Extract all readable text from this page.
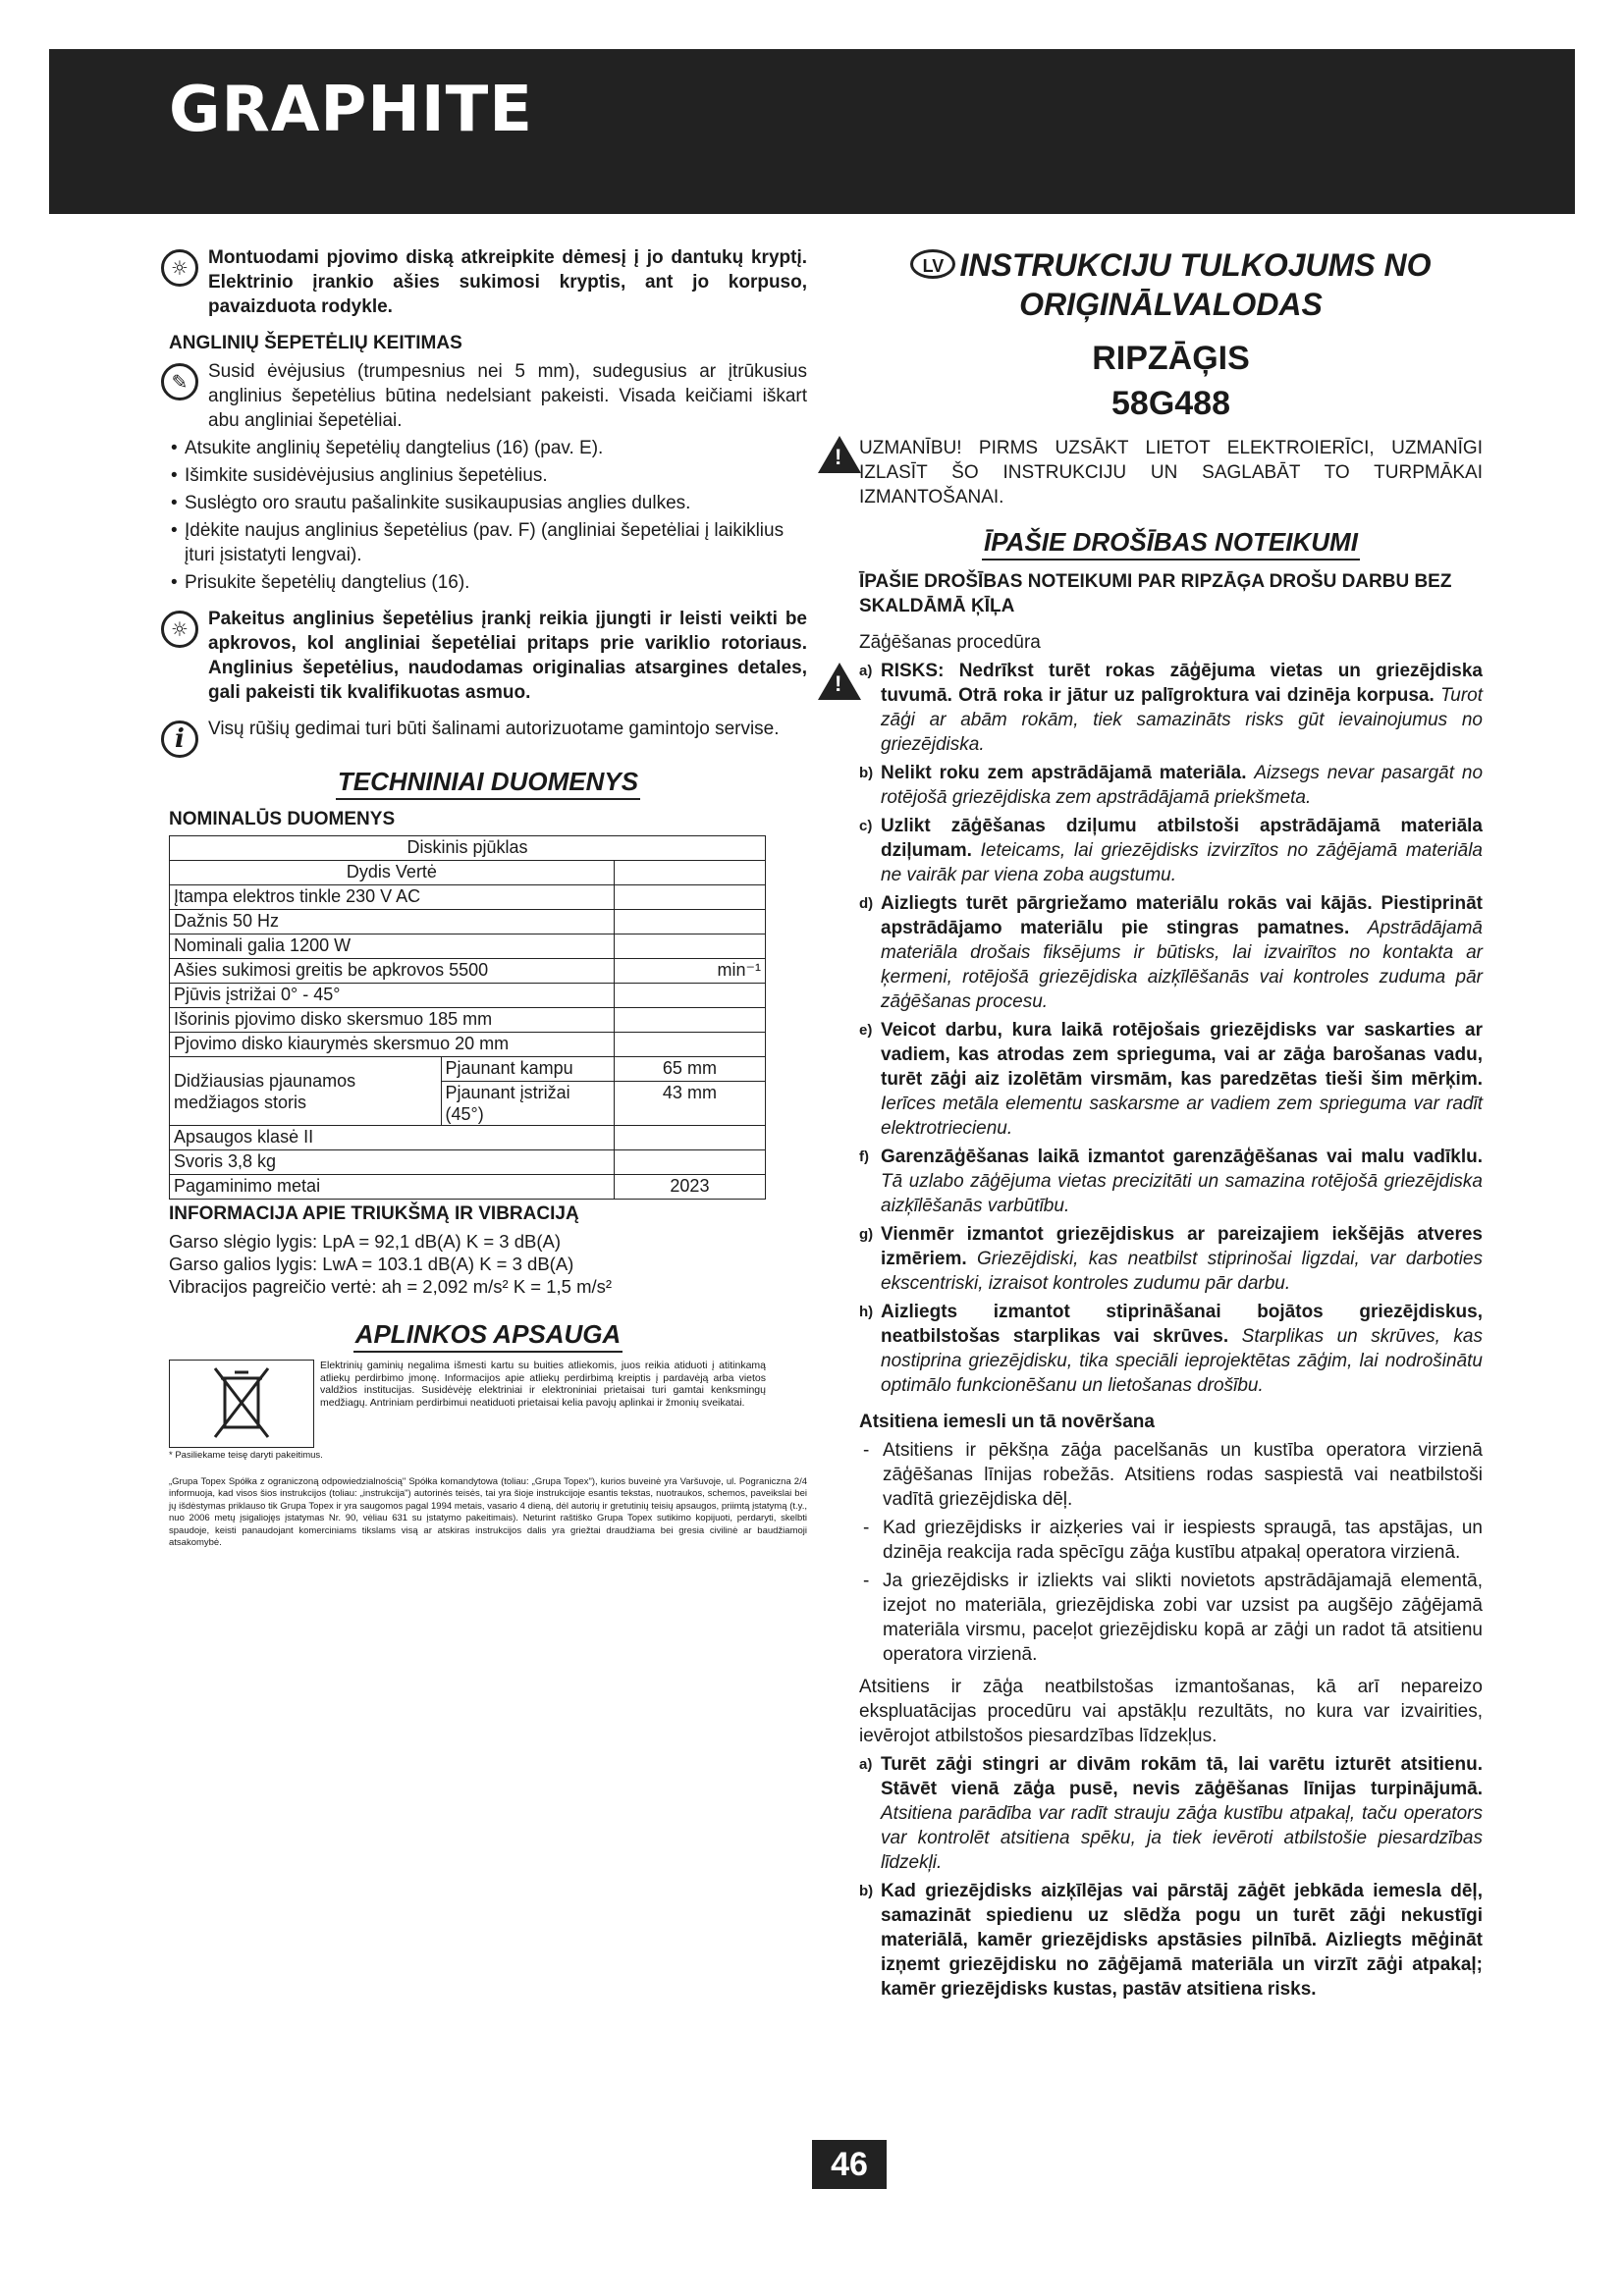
GRAPHITE
☼	Montuodami pjovimo diską atkreipkite dėmesį į jo dantukų kryptį. Elektrinio įrankio ašies sukimosi kryptis, ant jo korpuso, pavaizduota rodykle.

ANGLINIŲ ŠEPETĖLIŲ KEITIMAS
✎	Susid ėvėjusius (trumpesnius nei 5 mm), sudegusius ar įtrūkusius anglinius šepetėlius būtina nedelsiant pakeisti. Visada keičiami iškart abu angliniai šepetėliai.

• Atsukite anglinių šepetėlių dangtelius (16) (pav. E).
• Išimkite susidėvėjusius anglinius šepetėlius.
• Suslėgto oro srautu pašalinkite susikaupusias anglies dulkes.
• Įdėkite naujus anglinius šepetėlius (pav. F) (angliniai šepetėliai į laikiklius įturi įsistatyti lengvai).
• Prisukite šepetėlių dangtelius (16).
☼	Pakeitus anglinius šepetėlius įrankį reikia įjungti ir leisti veikti be apkrovos, kol angliniai šepetėliai pritaps prie variklio rotoriaus. Anglinius šepetėlius, naudodamas originalias atsargines detales, gali pakeisti tik kvalifikuotas asmuo.

i	Visų rūšių gedimai turi būti šalinami autorizuotame gamintojo servise.

TECHNINIAI DUOMENYS
NOMINALŪS DUOMENYS
Diskinis pjūklas		
Dydis Vertė		
Įtampa elektros tinkle 230 V AC		
Dažnis 50 Hz		
Nominali galia 1200 W		
Ašies sukimosi greitis be apkrovos 5500		min⁻¹
Pjūvis įstrižai 0° - 45°		
Išorinis pjovimo disko skersmuo 185 mm		
Pjovimo disko kiaurymės skersmuo 20 mm		
Didžiausias pjaunamos medžiagos storis	Pjaunant kampu	65 mm
	Pjaunant įstrižai (45°)	43 mm
Apsaugos klasė II		
Svoris 3,8 kg		
Pagaminimo metai		2023
INFORMACIJA APIE TRIUKŠMĄ IR VIBRACIJĄ
Garso slėgio lygis: LpA = 92,1 dB(A) K = 3 dB(A)
Garso galios lygis: LwA = 103.1 dB(A) K = 3 dB(A)
Vibracijos pagreičio vertė: ah = 2,092 m/s² K = 1,5 m/s²
APLINKOS APSAUGA
Elektrinių gaminių negalima išmesti kartu su buities atliekomis, juos reikia atiduoti į atitinkamą atliekų perdirbimo įmonę. Informacijos apie atliekų perdirbimą kreiptis į pardavėją arba vietos valdžios institucijas. Susidėvėję elektriniai ir elektroniniai prietaisai turi gamtai kenksmingų medžiagų. Antriniam perdirbimui neatiduoti prietaisai kelia pavojų aplinkai ir žmonių sveikatai.
* Pasiliekame teisę daryti pakeitimus.
„Grupa Topex Spółka z ograniczoną odpowiedzialnością" Spółka komandytowa (toliau: „Grupa Topex"), kurios buveinė yra Varšuvoje, ul. Pograniczna 2/4 informuoja, kad visos šios instrukcijos (toliau: „instrukcija") autorinės teisės, tai yra šioje instrukcijoje esantis tekstas, nuotraukos, schemos, paveikslai bei jų išdėstymas priklauso tik Grupa Topex ir yra saugomos pagal 1994 metais, vasario 4 dieną, dėl autorių ir gretutinių teisių apsaugos, priimtą įstatymą (t.y., nuo 2006 metų įsigaliojęs įstatymas Nr. 90, vėliau 631 su įstatymo pakeitimais). Neturint raštiško Grupa Topex sutikimo kopijuoti, perdaryti, skelbti spaudoje, keisti panaudojant komerciniams tikslams visą ar atskiras instrukcijos dalis yra griežtai draudžiama bei gresia civilinė ar baudžiamoji atsakomybė.
LV INSTRUKCIJU TULKOJUMS NO
ORIĢINĀLVALODAS
RIPZĀĢIS
58G488
!

UZMANĪBU! PIRMS UZSĀKT LIETOT ELEKTROIERĪCI, UZMANĪGI IZLASĪT ŠO INSTRUKCIJU UN SAGLABĀT TO TURPMĀKAI IZMANTOŠANAI.

ĪPAŠIE DROŠĪBAS NOTEIKUMI
ĪPAŠIE DROŠĪBAS NOTEIKUMI PAR RIPZĀĢA DROŠU DARBU BEZ SKALDĀMĀ ĶĪĻA
Zāģēšanas procedūra
!
a) RISKS: Nedrīkst turēt rokas zāģējuma vietas un griezējdiska tuvumā. Otrā roka ir jātur uz palīgrokturа vai dzinēja korpusa. Turot zāģi ar abām rokām, tiek samazināts risks gūt ievainojumus no griezējdiska.
b) Nelikt roku zem apstrādājamā materiāla. Aizsegs nevar pasargāt no rotējošā griezējdiska zem apstrādājamā priekšmeta.
c) Uzlikt zāģēšanas dziļumu atbilstoši apstrādājamā materiāla dziļumam. Ieteicams, lai griezējdisks izvirzītos no zāģējamā materiāla ne vairāk par viena zoba augstumu.
d) Aizliegts turēt pārgriežamo materiālu rokās vai kājās. Piestiprināt apstrādājamo materiālu pie stingras pamatnes. Apstrādājamā materiāla drošais fiksējums ir būtisks, lai izvairītos no kontakta ar ķermeni, rotējošā griezējdiska aizķīlēšanās vai kontroles zuduma pār zāģēšanas procesu.
e) Veicot darbu, kura laikā rotējošais griezējdisks var saskarties ar vadiem, kas atrodas zem sprieguma, vai ar zāģa barošanas vadu, turēt zāģi aiz izolētām virsmām, kas paredzētas tieši šim mērķim. Ierīces metāla elementu saskarsme ar vadiem zem sprieguma var radīt elektrotriecienu.
f) Garenzāģēšanas laikā izmantot garenzāģēšanas vai malu vadīklu. Tā uzlabo zāģējuma vietas precizitāti un samazina rotējošā griezējdiska aizķīlēšanās varbūtību.
g) Vienmēr izmantot griezējdiskus ar pareizajiem iekšējās atveres izmēriem. Griezējdiski, kas neatbilst stiprinošai ligzdai, var darboties ekscentriski, izraisot kontroles zudumu pār darbu.
h) Aizliegts izmantot stiprināšanai bojātos griezējdiskus, neatbilstošas starplikas vai skrūves. Starplikas un skrūves, kas nostiprina griezējdisku, tika speciāli ieprojektētas zāģim, lai nodrošinātu optimālo funkcionēšanu un lietošanas drošību.
Atsitiena iemesli un tā novēršana
- Atsitiens ir pēkšņa zāģa pacelšanās un kustība operatora virzienā zāģēšanas līnijas robežās. Atsitiens rodas saspiestā vai neatbilstoši vadītā griezējdiska dēļ.
- Kad griezējdisks ir aizķeries vai ir iespiests spraugā, tas apstājas, un dzinēja reakcija rada spēcīgu zāģa kustību atpakaļ operatora virzienā.
- Ja griezējdisks ir izliekts vai slikti novietots apstrādājamajā elementā, izejot no materiāla, griezējdiska zobi var uzsist pa augšējo zāģējamā materiāla virsmu, paceļot griezējdisku kopā ar zāģi un radot tā atsitienu operatora virzienā.

Atsitiens ir zāģa neatbilstošas izmantošanas, kā arī nepareizo ekspluatācijas procedūru vai apstākļu rezultāts, no kura var izvairities, ievērojot atbilstošos piesardzības līdzekļus.

a) Turēt zāģi stingri ar divām rokām tā, lai varētu izturēt atsitienu. Stāvēt vienā zāģa pusē, nevis zāģēšanas līnijas turpinājumā. Atsitiena parādība var radīt strauju zāģa kustību atpakaļ, taču operators var kontrolēt atsitiena spēku, ja tiek ievēroti atbilstošie piesardzības līdzekļi.
b) Kad griezējdisks aizķīlējas vai pārstāj zāģēt jebkāda iemesla dēļ, samazināt spiedienu uz slēdža pogu un turēt zāģi nekustīgi materiālā, kamēr griezējdisks apstāsies pilnībā. Aizliegts mēģināt izņemt griezējdisku no zāģējamā materiāla un virzīt zāģi atpakaļ; kamēr griezējdisks kustas, pastāv atsitiena risks.
46
